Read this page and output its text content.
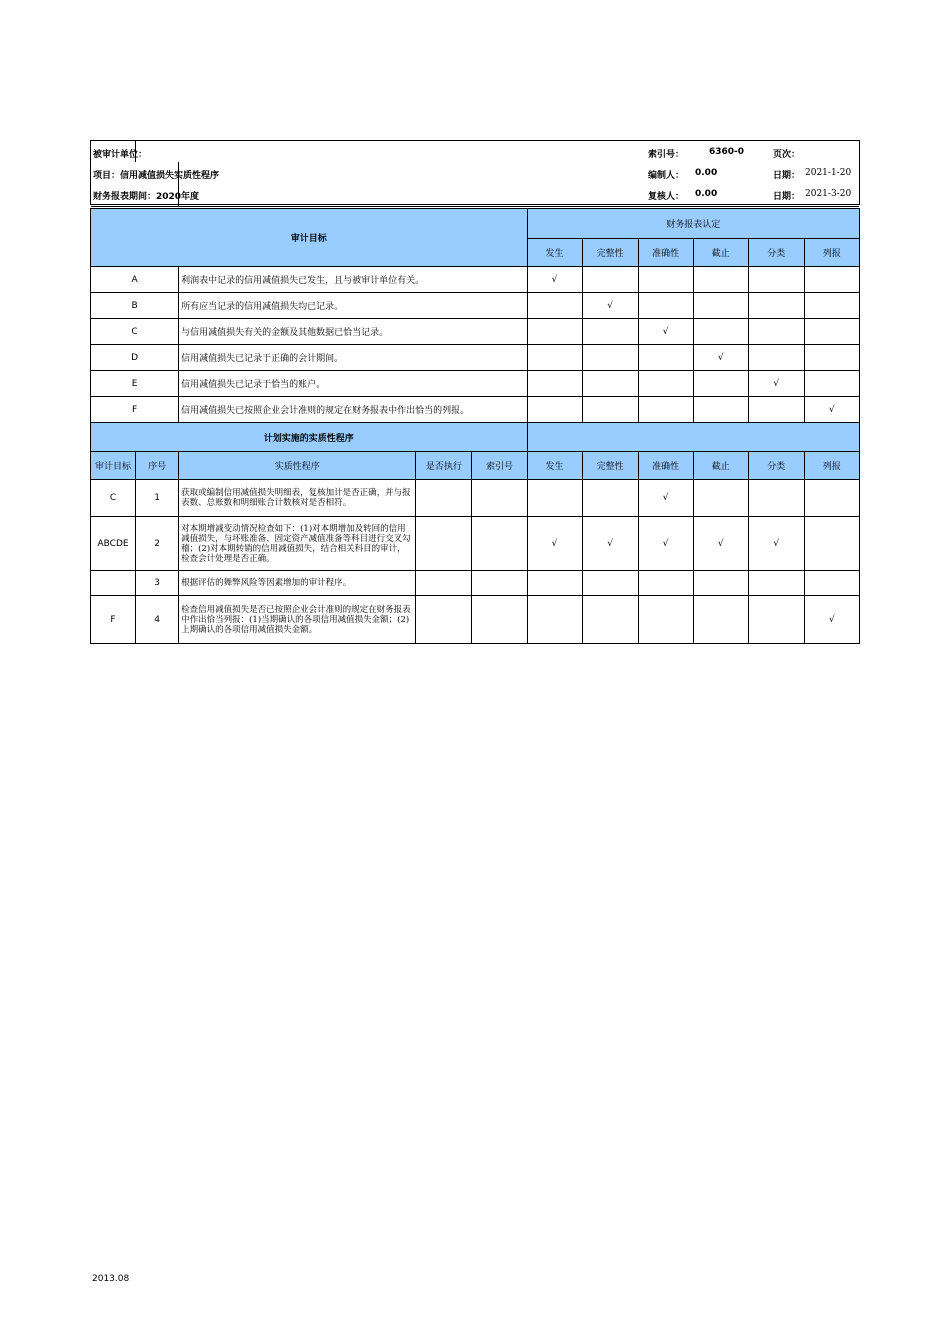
被审计单位：
项目：信用减值损失实质性程序
财务报表期间：2020年度
索引号：	6360-0	页次：
编制人： 0.00	日期： 2021-1-20
复核人： 0.00	日期： 2021-3-20
审计目标					财务报表认定					
					发生	完整性	准确性	截止	分类	列报
A		利润表中记录的信用减值损失已发生，且与被审计单位有关。			√					
B		所有应当记录的信用减值损失均已记录。				√				
C		与信用减值损失有关的金额及其他数据已恰当记录。					√			
D		信用减值损失已记录于正确的会计期间。						√		
E		信用减值损失已记录于恰当的账户。							√	
F		信用减值损失已按照企业会计准则的规定在财务报表中作出恰当的列报。								√
计划实施的实质性程序										
审计目标	序号	实质性程序	是否执行	索引号	发生	完整性	准确性	截止	分类	列报
C	1	获取或编制信用减值损失明细表，复核加计是否正确，并与报表数、总账数和明细账合计数核对是否相符。					√			
ABCDE	2	对本期增减变动情况检查如下：(1)对本期增加及转回的信用减值损失，与坏账准备、固定资产减值准备等科目进行交叉勾稽；(2)对本期转销的信用减值损失，结合相关科目的审计，检查会计处理是否正确。			√	√	√	√	√	
	3	根据评估的舞弊风险等因素增加的审计程序。								
F	4	检查信用减值损失是否已按照企业会计准则的规定在财务报表中作出恰当列报：(1)当期确认的各项信用减值损失金额；(2)上期确认的各项信用减值损失金额。								√
2013.08
